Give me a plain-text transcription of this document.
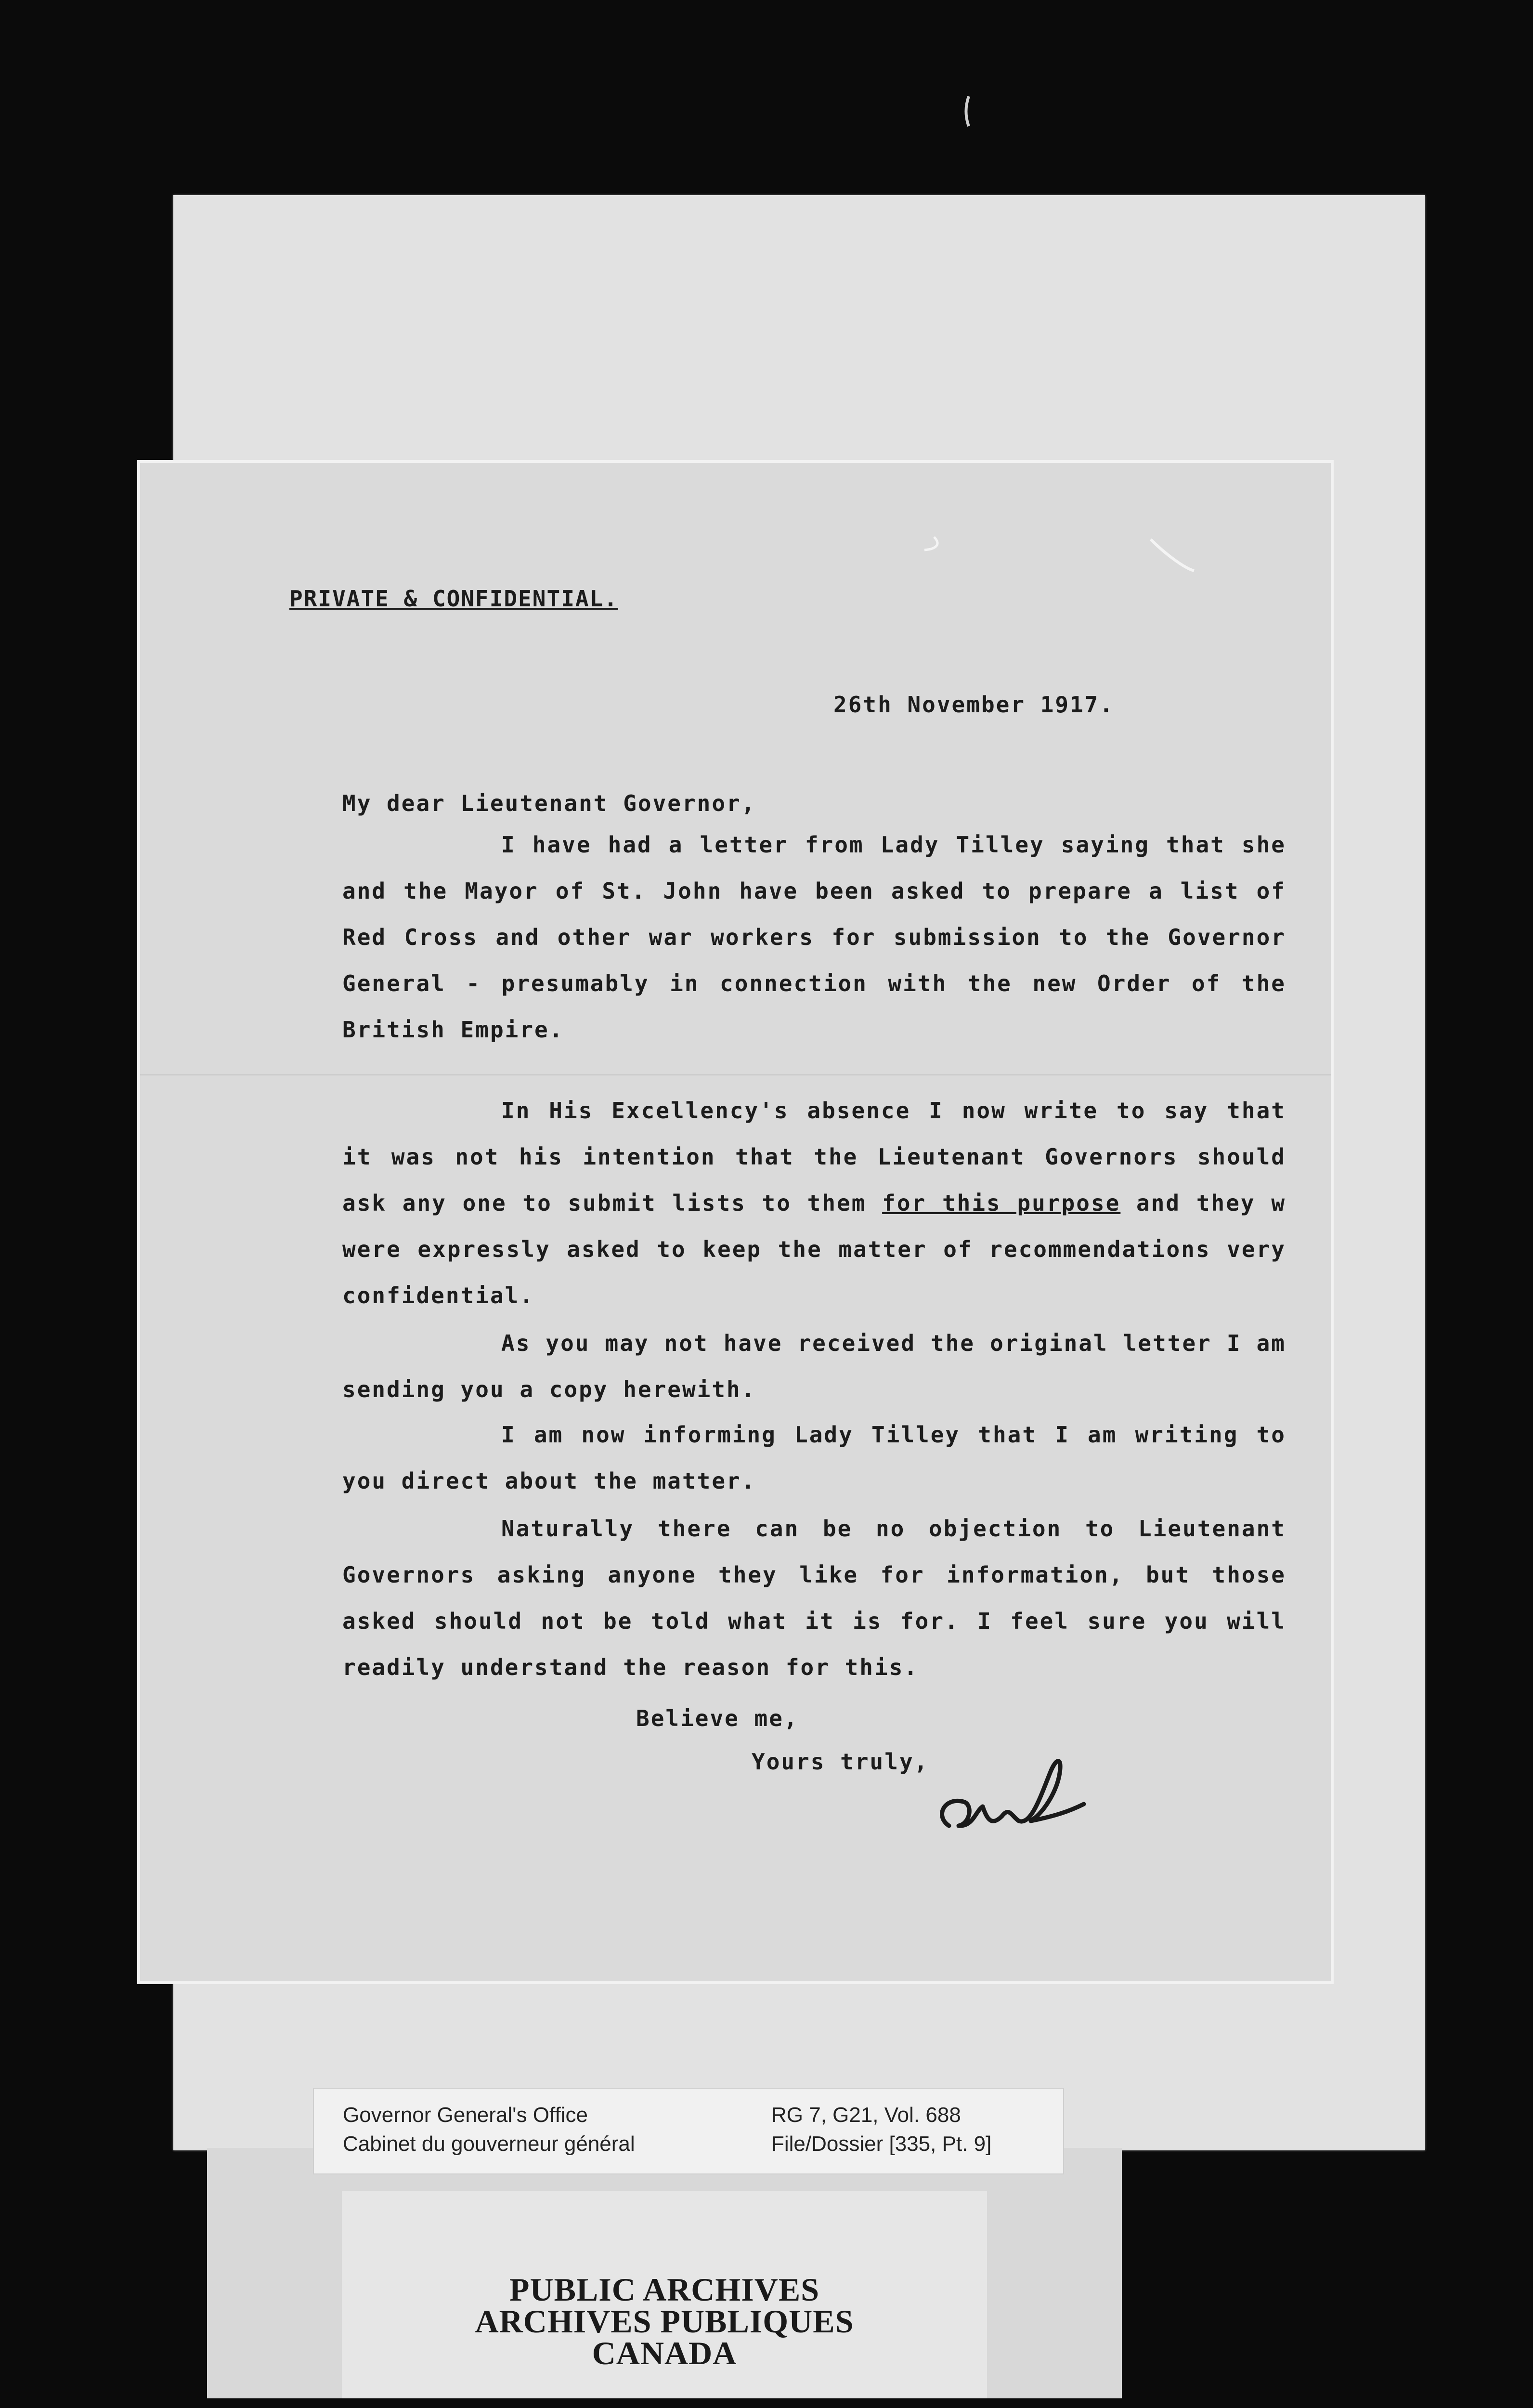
PRIVATE & CONFIDENTIAL.
26th November 1917.
My dear Lieutenant Governor,
I have had a letter from Lady Tilley saying that she and the Mayor of St. John have been asked to prepare a list of Red Cross and other war workers for submission to the Governor General - presumably in connection with the new Order of the British Empire.
In His Excellency's absence I now write to say that it was not his intention that the Lieutenant Governors should ask any one to submit lists to them for this purpose and they w were expressly asked to keep the matter of recommendations very confidential.
As you may not have received the original letter I am sending you a copy herewith.
I am now informing Lady Tilley that I am writing to you direct about the matter.
Naturally there can be no objection to Lieutenant Governors asking anyone they like for information, but those asked should not be told what it is for. I feel sure you will readily understand the reason for this.
Believe me,
Yours truly,
PUBLIC ARCHIVES
ARCHIVES PUBLIQUES
CANADA
Governor General's Office
Cabinet du gouverneur général
RG 7, G21, Vol. 688
File/Dossier [335, Pt. 9]
